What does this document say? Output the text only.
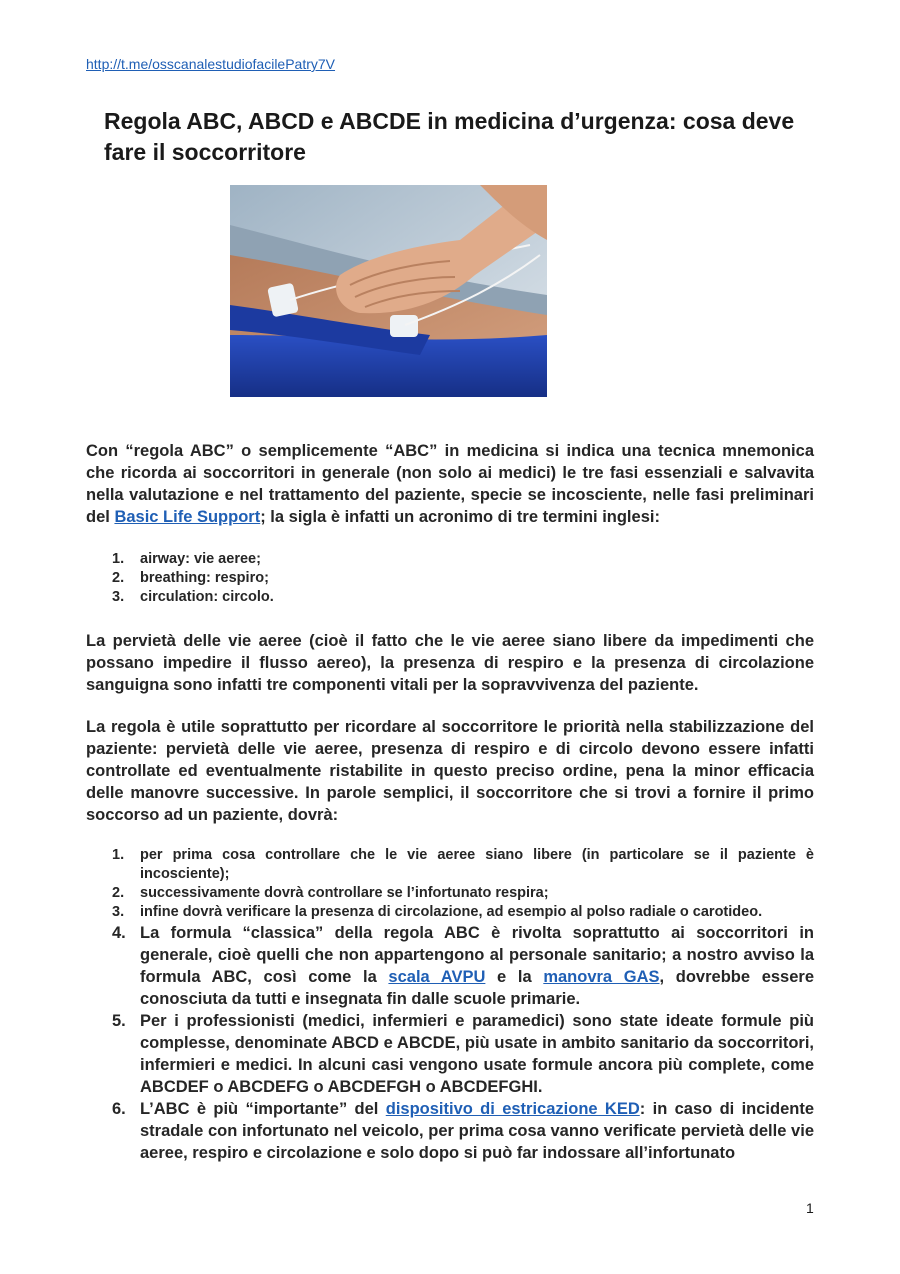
http://t.me/osscanalestudiofacilePatry7V
Regola ABC, ABCD e ABCDE in medicina d’urgenza: cosa deve fare il soccorritore

Con “regola ABC” o semplicemente “ABC” in medicina si indica una tecnica mnemonica che ricorda ai soccorritori in generale (non solo ai medici) le tre fasi essenziali e salvavita nella valutazione e nel trattamento del paziente, specie se incosciente, nelle fasi preliminari del Basic Life Support; la sigla è infatti un acronimo di tre termini inglesi:

1. airway: vie aeree;
2. breathing: respiro;
3. circulation: circolo.

La pervietà delle vie aeree (cioè il fatto che le vie aeree siano libere da impedimenti che possano impedire il flusso aereo), la presenza di respiro e la presenza di circolazione sanguigna sono infatti tre componenti vitali per la sopravvivenza del paziente.

La regola è utile soprattutto per ricordare al soccorritore le priorità nella stabilizzazione del paziente: pervietà delle vie aeree, presenza di respiro e di circolo devono essere infatti controllate ed eventualmente ristabilite in questo preciso ordine, pena la minor efficacia delle manovre successive. In parole semplici, il soccorritore che si trovi a fornire il primo soccorso ad un paziente, dovrà:

1. per prima cosa controllare che le vie aeree siano libere (in particolare se il paziente è incosciente);
2. successivamente dovrà controllare se l’infortunato respira;
3. infine dovrà verificare la presenza di circolazione, ad esempio al polso radiale o carotideo.
4. La formula “classica” della regola ABC è rivolta soprattutto ai soccorritori in generale, cioè quelli che non appartengono al personale sanitario; a nostro avviso la formula ABC, così come la scala AVPU e la manovra GAS, dovrebbe essere conosciuta da tutti e insegnata fin dalle scuole primarie.
5. Per i professionisti (medici, infermieri e paramedici) sono state ideate formule più complesse, denominate ABCD e ABCDE, più usate in ambito sanitario da soccorritori, infermieri e medici. In alcuni casi vengono usate formule ancora più complete, come ABCDEF o ABCDEFG o ABCDEFGH o ABCDEFGHI.
6. L’ABC è più “importante” del dispositivo di estricazione KED: in caso di incidente stradale con infortunato nel veicolo, per prima cosa vanno verificate pervietà delle vie aeree, respiro e circolazione e solo dopo si può far indossare all’infortunato
1
